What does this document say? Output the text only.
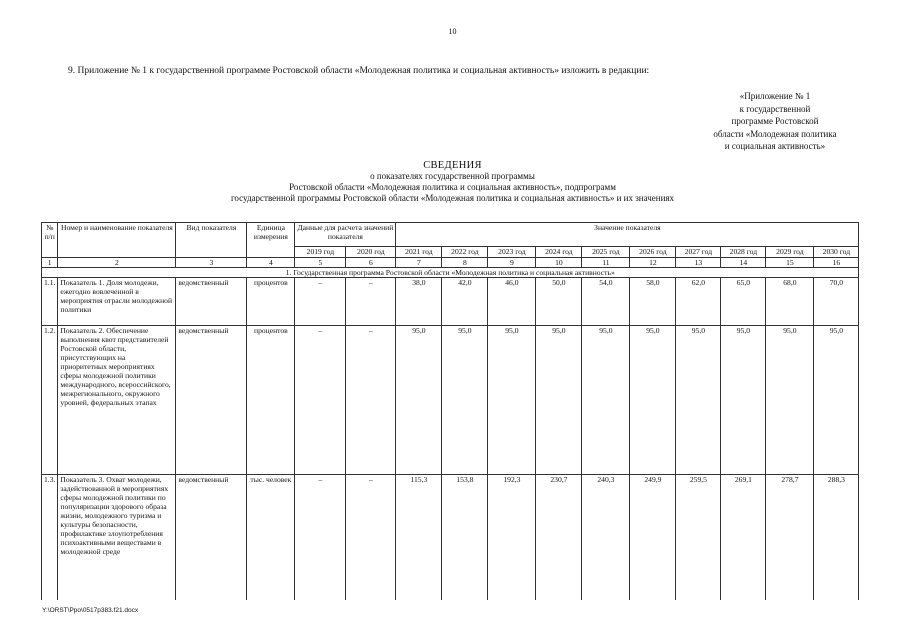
10
9. Приложение № 1 к государственной программе Ростовской области «Молодежная политика и социальная активность» изложить в редакции:
«Приложение № 1
к государственной
программе Ростовской
области «Молодежная политика
и социальная активность»
СВЕДЕНИЯ
о показателях государственной программы
Ростовской области «Молодежная политика и социальная активность», подпрограмм
государственной программы Ростовской области «Молодежная политика и социальная активность» и их значениях
№ п/п	Номер и наименование показателя	Вид показателя	Единица измерения	Данные для расчета значений показателя		Значение показателя									
				2019 год	2020 год	2021 год	2022 год	2023 год	2024 год	2025 год	2026 год	2027 год	2028 год	2029 год	2030 год
1	2	3	4	5	6	7	8	9	10	11	12	13	14	15	16
1. Государственная программа Ростовской области «Молодежная политика и социальная активность»															
1.1.	Показатель 1. Доля молодежи, ежегодно вовлеченной в мероприятия отрасли молодежной политики	ведомственный	процентов	–	–	38,0	42,0	46,0	50,0	54,0	58,0	62,0	65,0	68,0	70,0
1.2.	Показатель 2. Обеспечение выполнения квот представителей Ростовской области, присутствующих на приоритетных мероприятиях сферы молодежной политики международного, всероссийского, межрегионального, окружного уровней, федеральных этапах	ведомственный	процентов	–	–	95,0	95,0	95,0	95,0	95,0	95,0	95,0	95,0	95,0	95,0
1.3.	Показатель 3. Охват молодежи, задействованной в мероприятиях сферы молодежной политики по популяризации здорового образа жизни, молодежного туризма и культуры безопасности, профилактике злоупотребления психоактивными веществами в молодежной среде	ведомственный	тыс. человек	–	–	115,3	153,8	192,3	230,7	240,3	249,9	259,5	269,1	278,7	288,3
Y:\ORST\Ppo\0517p383.f21.docx
